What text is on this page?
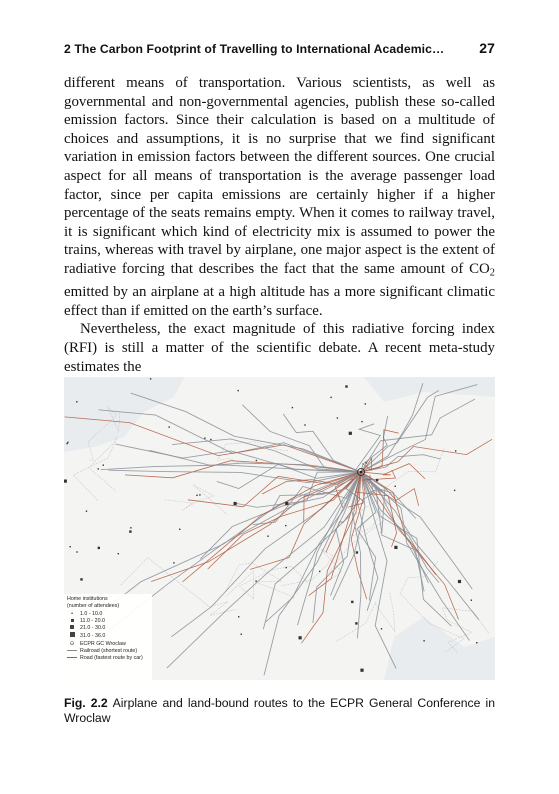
2 The Carbon Footprint of Travelling to International Academic… 27

different means of transportation. Various scientists, as well as governmental and non-governmental agencies, publish these so-called emission factors. Since their calculation is based on a multitude of choices and assumptions, it is no surprise that we find significant variation in emission factors between the different sources. One crucial aspect for all means of transportation is the average passenger load factor, since per capita emissions are certainly higher if a higher percentage of the seats remains empty. When it comes to railway travel, it is significant which kind of electricity mix is assumed to power the trains, whereas with travel by airplane, one major aspect is the extent of radiative forcing that describes the fact that the same amount of $CO_2$ emitted by an airplane at a high altitude has a more significant climatic effect than if emitted on the earth’s surface.

Nevertheless, the exact magnitude of this radiative forcing index (RFI) is still a matter of the scientific debate. A recent meta-study estimates the

Home institutions
(number of attendees)
•	1.0 - 10.0
11.0 - 20.0
21.0 - 30.0
31.0 - 36.0
⊙	ECPR GC Wroclaw
Railroad (shortest route)
Road (fastest route by car)
Fig. 2.2 Airplane and land-bound routes to the ECPR General Conference in Wroclaw
